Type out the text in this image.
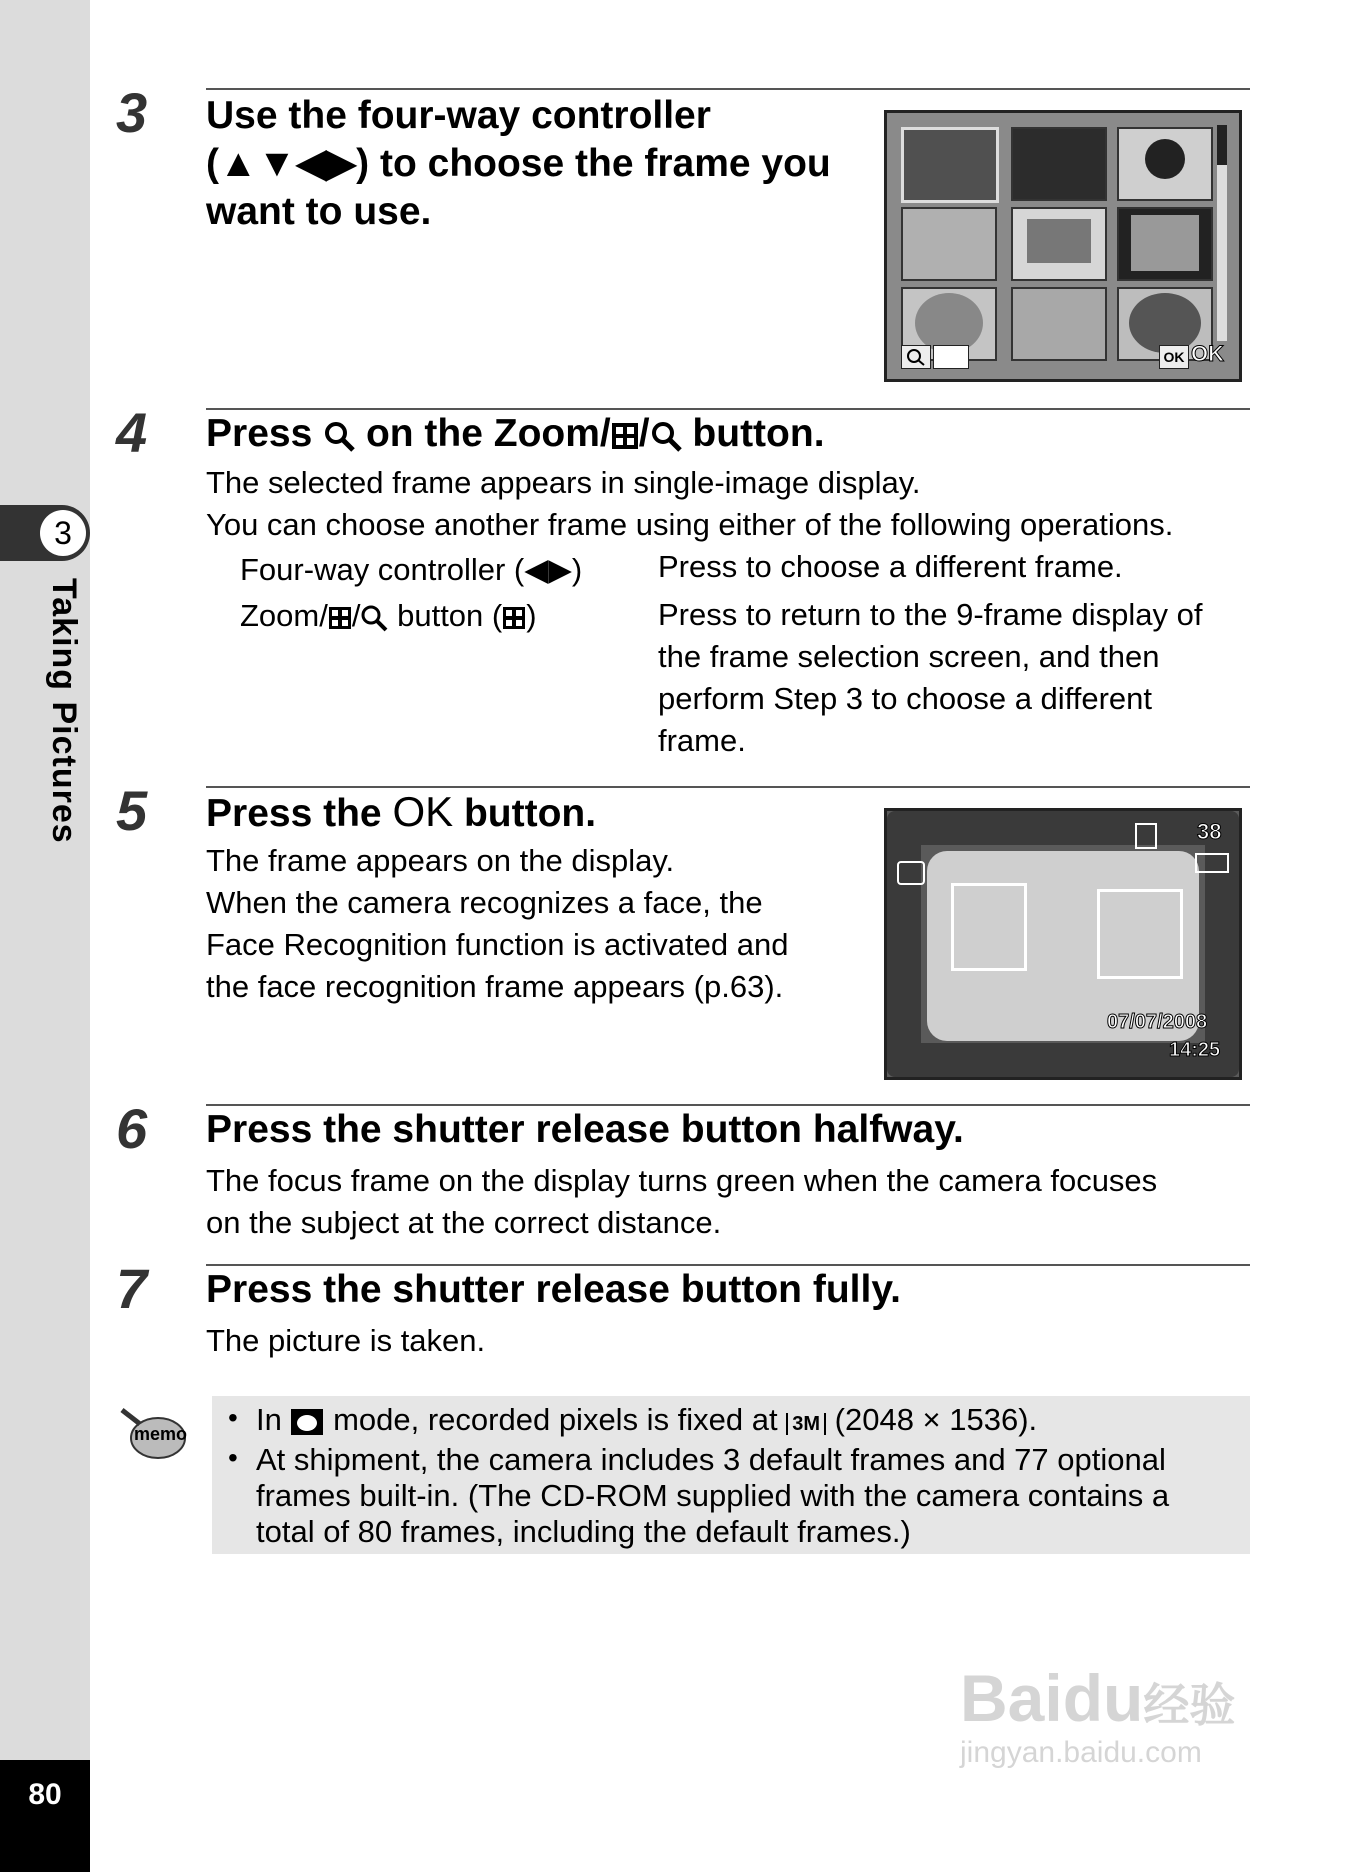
3
Taking Pictures
80
3 Use the four-way controller
(▲▼◀▶) to choose the frame you
want to use.
OK OK
4 Press  on the Zoom/ / button.
The selected frame appears in single-image display.
You can choose another frame using either of the following operations.
Four-way controller (◀▶) Press to choose a different frame.
Zoom/ / button ( )	Press to return to the 9-frame display of
the frame selection screen, and then
perform Step 3 to choose a different
frame.
5 Press the OK button.
The frame appears on the display.
When the camera recognizes a face, the
Face Recognition function is activated and
the face recognition frame appears (p.63).
38
07/07/2008
14:25
6 Press the shutter release button halfway.
The focus frame on the display turns green when the camera focuses
on the subject at the correct distance.
7 Press the shutter release button fully.
The picture is taken.
memo
• In  mode, recorded pixels is fixed at 3M (2048 × 1536).
• At shipment, the camera includes 3 default frames and 77 optional
frames built-in. (The CD-ROM supplied with the camera contains a
total of 80 frames, including the default frames.)
Baidu经验
jingyan.baidu.com
